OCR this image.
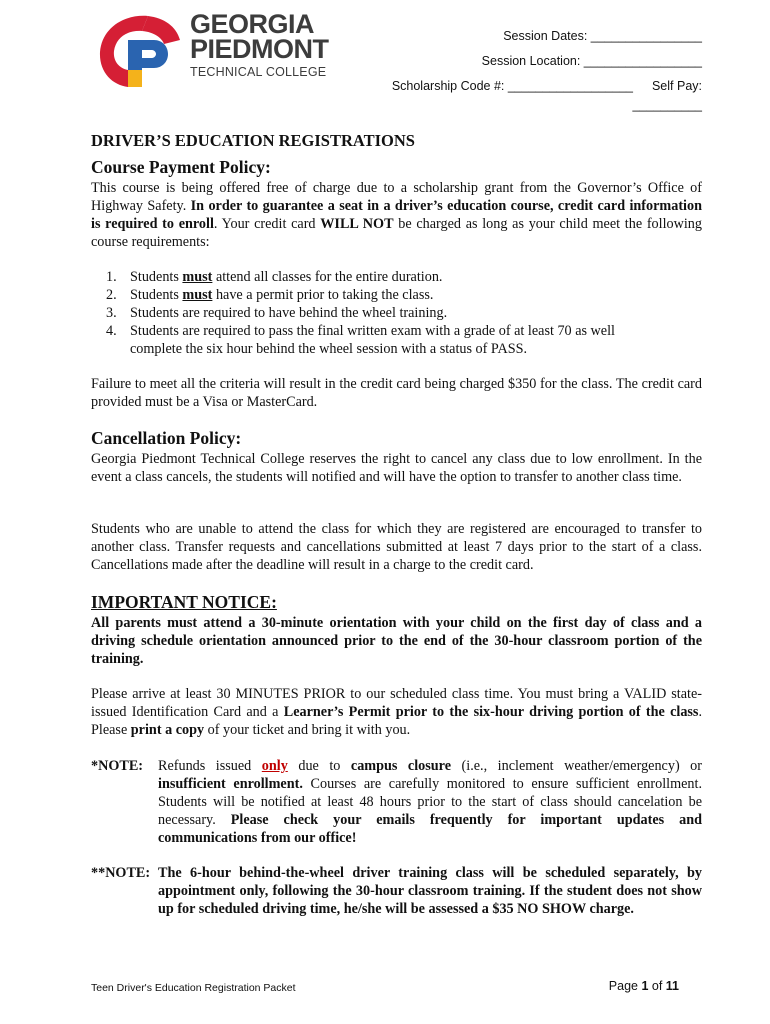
GEORGIA
PIEDMONT
TECHNICAL COLLEGE
Session Dates: ________________
Session Location: _________________
Scholarship Code #: __________________ Self Pay:
__________
DRIVER’S EDUCATION REGISTRATIONS
Course Payment Policy:
This course is being offered free of charge due to a scholarship grant from the Governor’s Office of Highway Safety. In order to guarantee a seat in a driver’s education course, credit card information is required to enroll. Your credit card WILL NOT be charged as long as your child meet the following course requirements:
1. Students must attend all classes for the entire duration.
2. Students must have a permit prior to taking the class.
3. Students are required to have behind the wheel training.
4. Students are required to pass the final written exam with a grade of at least 70 as well complete the six hour behind the wheel session with a status of PASS.
Failure to meet all the criteria will result in the credit card being charged $350 for the class. The credit card provided must be a Visa or MasterCard.
Cancellation Policy:
Georgia Piedmont Technical College reserves the right to cancel any class due to low enrollment. In the event a class cancels, the students will notified and will have the option to transfer to another class time.
Students who are unable to attend the class for which they are registered are encouraged to transfer to another class. Transfer requests and cancellations submitted at least 7 days prior to the start of a class. Cancellations made after the deadline will result in a charge to the credit card.
IMPORTANT NOTICE:
All parents must attend a 30-minute orientation with your child on the first day of class and a driving schedule orientation announced prior to the end of the 30-hour classroom portion of the training.
Please arrive at least 30 MINUTES PRIOR to our scheduled class time. You must bring a VALID state-issued Identification Card and a Learner’s Permit prior to the six-hour driving portion of the class. Please print a copy of your ticket and bring it with you.
*NOTE: Refunds issued only due to campus closure (i.e., inclement weather/emergency) or insufficient enrollment. Courses are carefully monitored to ensure sufficient enrollment. Students will be notified at least 48 hours prior to the start of class should cancelation be necessary. Please check your emails frequently for important updates and communications from our office!
**NOTE: The 6-hour behind-the-wheel driver training class will be scheduled separately, by appointment only, following the 30-hour classroom training. If the student does not show up for scheduled driving time, he/she will be assessed a $35 NO SHOW charge.
Teen Driver's Education Registration Packet	Page 1 of 11
